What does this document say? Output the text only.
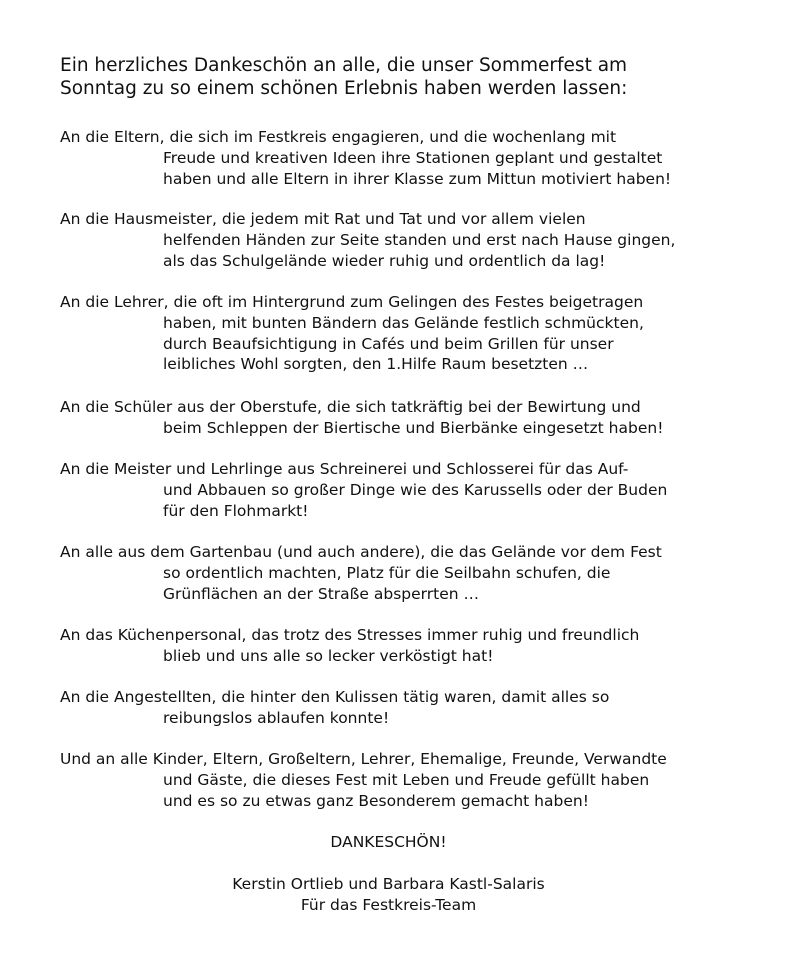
Ein herzliches Dankeschön an alle, die unser Sommerfest am
Sonntag zu so einem schönen Erlebnis haben werden lassen:
An die Eltern, die sich im Festkreis engagieren, und die wochenlang mit
Freude und kreativen Ideen ihre Stationen geplant und gestaltet
haben und alle Eltern in ihrer Klasse zum Mittun motiviert haben!
An die Hausmeister, die jedem mit Rat und Tat und vor allem vielen
helfenden Händen zur Seite standen und erst nach Hause gingen,
als das Schulgelände wieder ruhig und ordentlich da lag!
An die Lehrer, die oft im Hintergrund zum Gelingen des Festes beigetragen
haben, mit bunten Bändern das Gelände festlich schmückten,
durch Beaufsichtigung in Cafés und beim Grillen für unser
leibliches Wohl sorgten, den 1.Hilfe Raum besetzten …
An die Schüler aus der Oberstufe, die sich tatkräftig bei der Bewirtung und
beim Schleppen der Biertische und Bierbänke eingesetzt haben!
An die Meister und Lehrlinge aus Schreinerei und Schlosserei für das Auf-
und Abbauen so großer Dinge wie des Karussells oder der Buden
für den Flohmarkt!
An alle aus dem Gartenbau (und auch andere), die das Gelände vor dem Fest
so ordentlich machten, Platz für die Seilbahn schufen, die
Grünflächen an der Straße absperrten …
An das Küchenpersonal, das trotz des Stresses immer ruhig und freundlich
blieb und uns alle so lecker verköstigt hat!
An die Angestellten, die hinter den Kulissen tätig waren, damit alles so
reibungslos ablaufen konnte!
Und an alle Kinder, Eltern, Großeltern, Lehrer, Ehemalige, Freunde, Verwandte
und Gäste, die dieses Fest mit Leben und Freude gefüllt haben
und es so zu etwas ganz Besonderem gemacht haben!
DANKESCHÖN!
Kerstin Ortlieb und Barbara Kastl-Salaris
Für das Festkreis-Team
